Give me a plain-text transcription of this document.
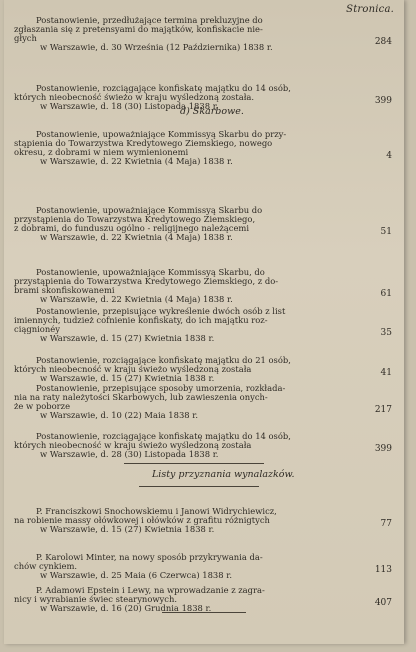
Stronica.
d) Skarbowe.
Listy przyznania wynalazków.
Postanowienie, przedłużające termina prekluzyjne do
zgłaszania się z pretensyami do majątków, konfiskacie nie-
głych
w Warszawie, d. 30 Września (12 Października) 1838 r.	284
Postanowienie, rozciągające konfiskatę majątku do 14 osób,
których nieobecność świeżo w kraju wyśledzoną została.
w Warszawie, d. 18 (30) Listopada 1838 r.	399
Postanowienie, upoważniające Kommissyą Skarbu do przy-
stąpienia do Towarzystwa Kredytowego Ziemskiego, nowego
okresu, z dobrami w niem wymienionemi
w Warszawie, d. 22 Kwietnia (4 Maja) 1838 r.	4
Postanowienie, upoważniające Kommissyą Skarbu do
przystąpienia do Towarzystwa Kredytowego Ziemskiego,
z dobrami, do funduszu ogólno - religijnego należącemi
w Warszawie, d. 22 Kwietnia (4 Maja) 1838 r.	51
Postanowienie, upoważniające Kommissyą Skarbu, do
przystąpienia do Towarzystwa Kredytowego Ziemskiego, z do-
brami skonfiskowanemi
w Warszawie, d. 22 Kwietnia (4 Maja) 1838 r.	61
Postanowienie, przepisujące wykreślenie dwóch osób z list
imiennych, tudzież cofnienie konfiskaty, do ich majątku roz-
ciągnionéy
w Warszawie, d. 15 (27) Kwietnia 1838 r.	35
Postanowienie, rozciągające konfiskatę majątku do 21 osób,
których nieobecność w kraju świeżo wyśledzoną została
w Warszawie, d. 15 (27) Kwietnia 1838 r.	41
Postanowienie, przepisujące sposoby umorzenia, rozkłada-
nia na raty należytości Skarbowych, lub zawieszenia onych-
że w poborze
w Warszawie, d. 10 (22) Maia 1838 r.	217
Postanowienie, rozciągające konfiskatę majątku do 14 osób,
których nieobecność w kraju świeżo wyśledzoną została
w Warszawie, d. 28 (30) Listopada 1838 r.	399
P. Franciszkowi Snochowskiemu i Janowi Widrychiewicz,
na robienie massy ołówkowej i ołówków z grafitu różnigtych
w Warszawie, d. 15 (27) Kwietnia 1838 r.	77
P. Karolowi Minter, na nowy sposób przykrywania da-
chów cynkiem.
w Warszawie, d. 25 Maia (6 Czerwca) 1838 r.	113
P. Adamowi Epstein i Lewy, na wprowadzanie z zagra-
nicy i wyrabianie świec stearynowych.
w Warszawie, d. 16 (20) Grudnia 1838 r.	407
